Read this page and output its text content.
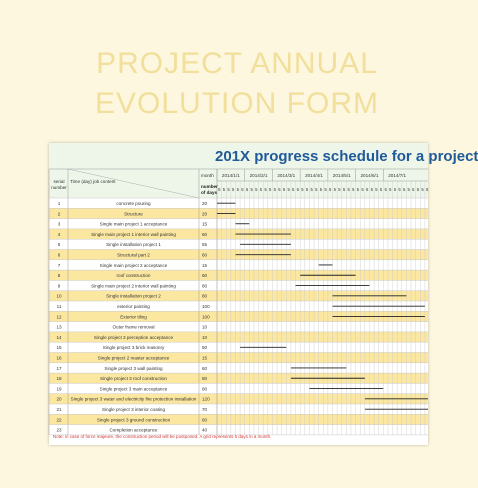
PROJECT ANNUAL
EVOLUTION FORM
201X progress schedule for a project
2014/1/1 2014/2/1 2014/3/1 2014/4/1 2014/5/1 2014/6/1 2014/7/1
5 5 5 5 5 5 5 5 5 5 5 5 5 5 5 5 5 5 5 5 5 5 5 5 5 5 5 5 5 5 5 5 5 5 5 5 5 5 5 5 5 5 5 5 5 5
serial
number
Time (day) job content
month
number
of days
1	concrete pouring	20
2	Structure	20
3	Single main project 1 acceptance	15
4	Single main project 1 interior wall painting	60
5	Single installation project 1	55
6	Structural part 2	60
7	Single main project 2 acceptance	15
8	roof construction	60
9	Single main project 2 interior wall painting	80
10	Single installation project 2	80
11	exterior painting	100
12	Exterior tiling	100
13	Outer frame removal	10
14	Single project 3 perception acceptance	10
15	Single project 3 brick masonry	50
16	Single project 2 master acceptance	15
17	Single project 3 wall painting	60
18	Single project 3 roof construction	80
19	Single project 3 main acceptance	80
20 Single project 3 water and electricity fire protection installation 120
21	Single project 3 interior coating	70
22	Single project 3 ground construction	60
23	Completion acceptance	40
Note: in case of force majeure, the construction period will be postponed. A grid represents 5 days in a month.
